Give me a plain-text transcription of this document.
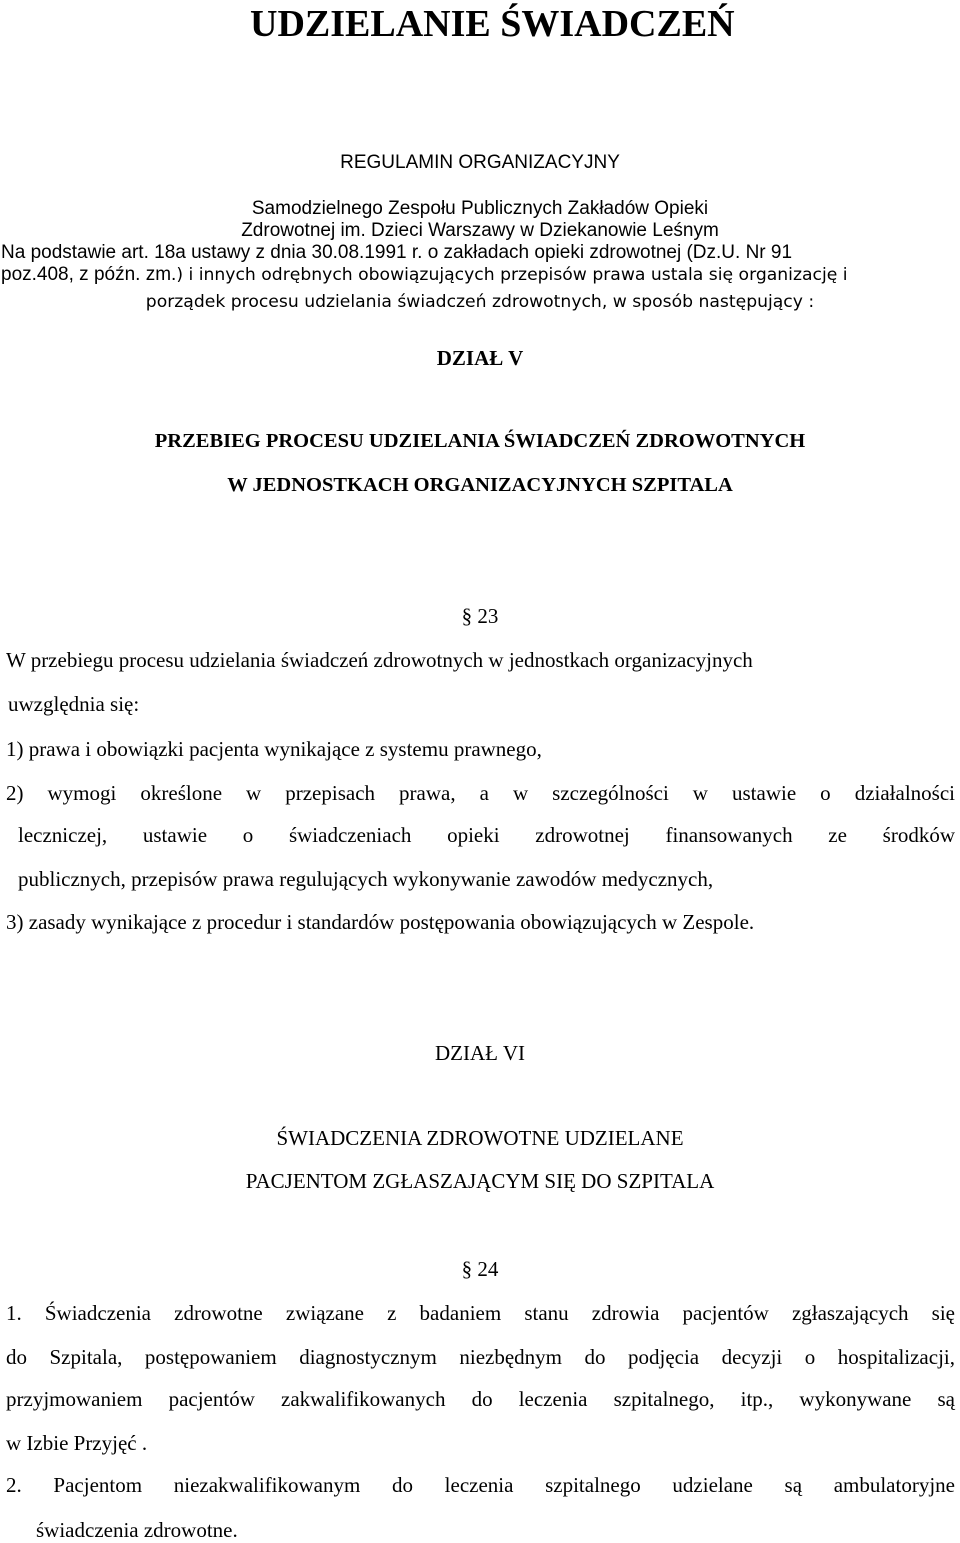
UDZIELANIE ŚWIADCZEŃ
REGULAMIN ORGANIZACYJNY
Samodzielnego Zespołu Publicznych Zakładów Opieki
Zdrowotnej im. Dzieci Warszawy w Dziekanowie Leśnym
Na podstawie art. 18a ustawy z dnia 30.08.1991 r. o zakładach opieki zdrowotnej (Dz.U. Nr 91
poz.408, z późn. zm.) i innych odrębnych obowiązujących przepisów prawa ustala się organizację i
porządek procesu udzielania świadczeń zdrowotnych, w sposób następujący :
DZIAŁ V
PRZEBIEG PROCESU UDZIELANIA ŚWIADCZEŃ ZDROWOTNYCH
W JEDNOSTKACH ORGANIZACYJNYCH SZPITALA
§ 23
W przebiegu procesu udzielania świadczeń zdrowotnych w jednostkach organizacyjnych
uwzględnia się:
1) prawa i obowiązki pacjenta wynikające z systemu prawnego,
2) wymogi określone w przepisach prawa, a w szczególności w ustawie o działalności
leczniczej, ustawie o świadczeniach opieki zdrowotnej finansowanych ze środków
publicznych, przepisów prawa regulujących wykonywanie zawodów medycznych,
3) zasady wynikające z procedur i standardów postępowania obowiązujących w Zespole.
DZIAŁ VI
ŚWIADCZENIA ZDROWOTNE UDZIELANE
PACJENTOM ZGŁASZAJĄCYM SIĘ DO SZPITALA
§ 24
1. Świadczenia zdrowotne związane z badaniem stanu zdrowia pacjentów zgłaszających się
do Szpitala, postępowaniem diagnostycznym niezbędnym do podjęcia decyzji o hospitalizacji,
przyjmowaniem pacjentów zakwalifikowanych do leczenia szpitalnego, itp., wykonywane są
w Izbie Przyjęć .
2. Pacjentom niezakwalifikowanym do leczenia szpitalnego udzielane są ambulatoryjne
świadczenia zdrowotne.
